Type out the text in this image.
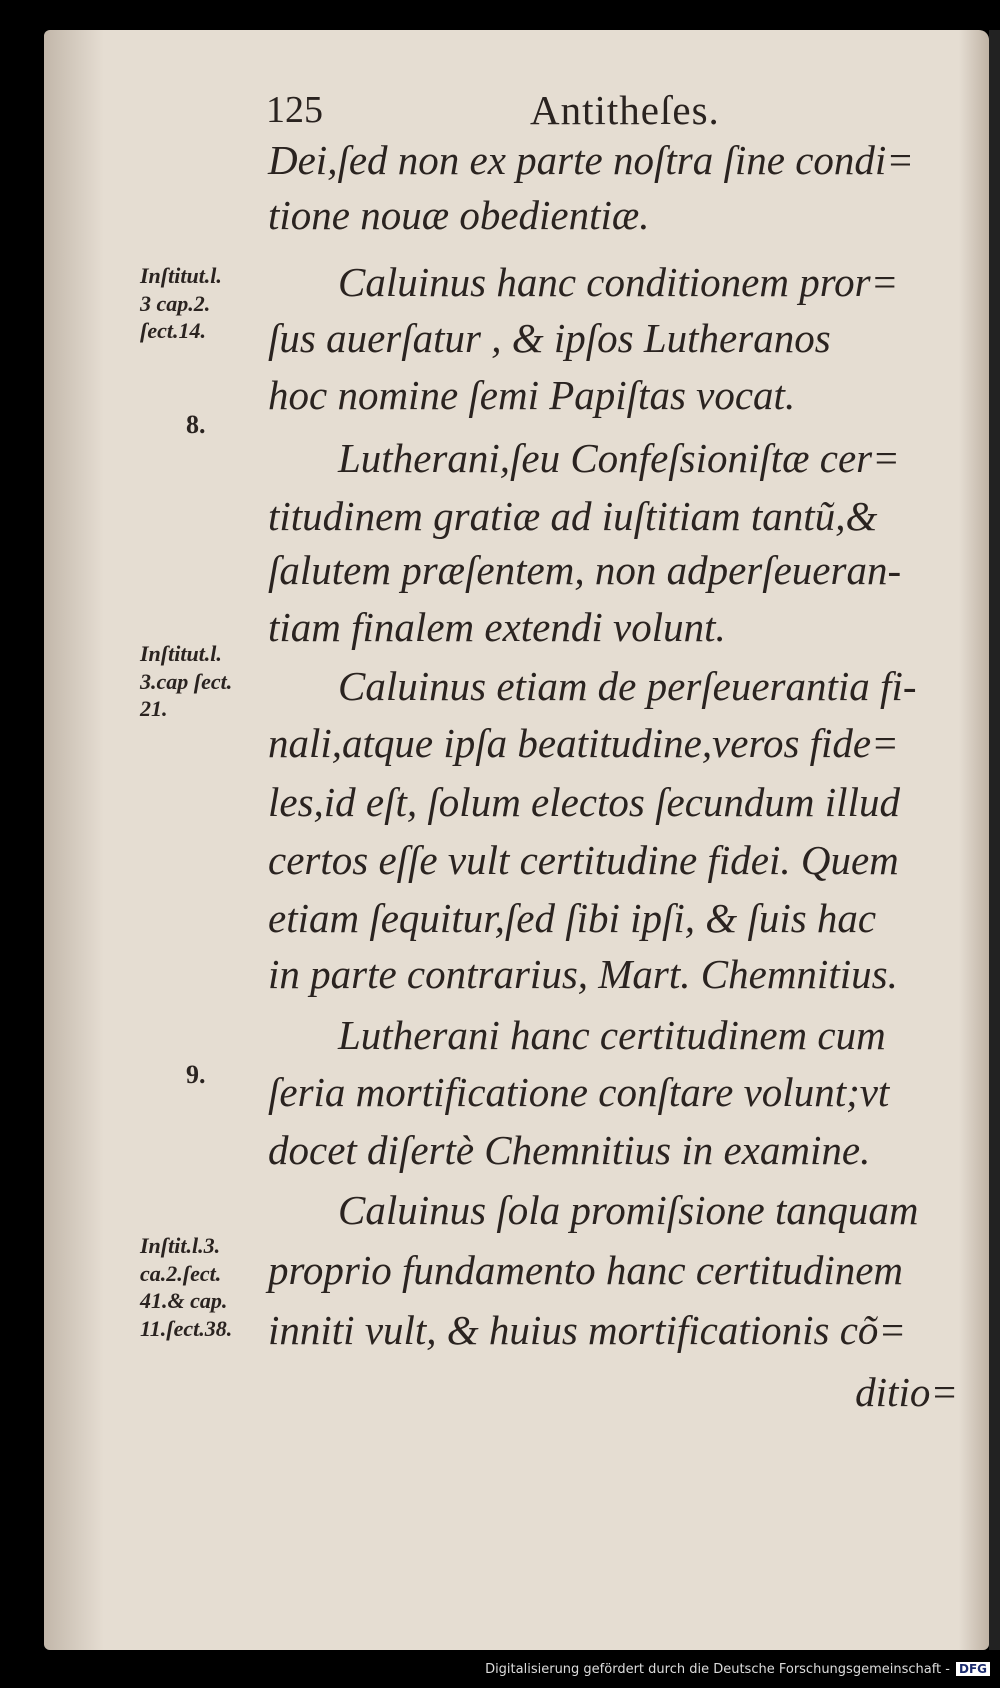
125	Antitheſes.
Dei,ſed non ex parte noſtra ſine condi=
tione nouæ obedientiæ.
Caluinus hanc conditionem pror=
ſus auerſatur , & ipſos Lutheranos
hoc nomine ſemi Papiſtas vocat.
Lutherani,ſeu Confeſsioniſtæ cer=
titudinem gratiæ ad iuſtitiam tantũ,&
ſalutem præſentem, non adperſeueran-
tiam finalem extendi volunt.
Caluinus etiam de perſeuerantia fi-
nali,atque ipſa beatitudine,veros fide=
les,id eſt, ſolum electos ſecundum illud
certos eſſe vult certitudine fidei. Quem
etiam ſequitur,ſed ſibi ipſi, & ſuis hac
in parte contrarius, Mart. Chemnitius.
Lutherani hanc certitudinem cum
ſeria mortificatione conſtare volunt;vt
docet diſertè Chemnitius in examine.
Caluinus ſola promiſsione tanquam
proprio fundamento hanc certitudinem
inniti vult, & huius mortificationis cõ=
ditio=
8.
9.
Inſtitut.l.
3 cap.2.
ſect.14.
Inſtitut.l.
3.cap ſect.
21.
Inſtit.l.3.
ca.2.ſect.
41.& cap.
11.ſect.38.
Digitalisierung gefördert durch die Deutsche Forschungsgemeinschaft - DFG
